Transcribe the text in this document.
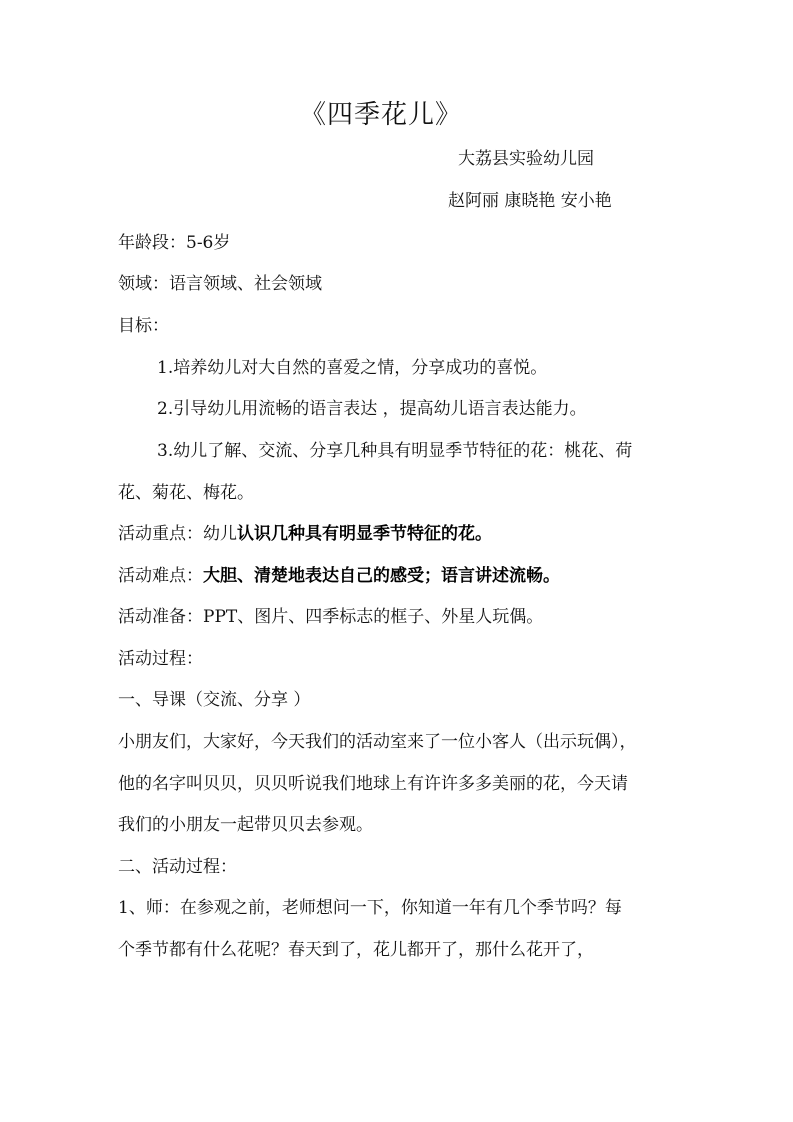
《四季花儿》
大荔县实验幼儿园
赵阿丽 康晓艳 安小艳
年龄段：5-6岁
领域：语言领域、社会领域
目标：
1.培养幼儿对大自然的喜爱之情，分享成功的喜悦。
2.引导幼儿用流畅的语言表达 ，提高幼儿语言表达能力。
3.幼儿了解、交流、分享几种具有明显季节特征的花：桃花、荷
花、菊花、梅花。
活动重点：幼儿认识几种具有明显季节特征的花。
活动难点：大胆、清楚地表达自己的感受；语言讲述流畅。
活动准备：PPT、图片、四季标志的框子、外星人玩偶。
活动过程：
一、导课（交流、分享 ）
小朋友们，大家好，今天我们的活动室来了一位小客人（出示玩偶），
他的名字叫贝贝，贝贝听说我们地球上有许许多多美丽的花，今天请
我们的小朋友一起带贝贝去参观。
二、活动过程：
1、师：在参观之前，老师想问一下，你知道一年有几个季节吗？每
个季节都有什么花呢？春天到了，花儿都开了，那什么花开了，
